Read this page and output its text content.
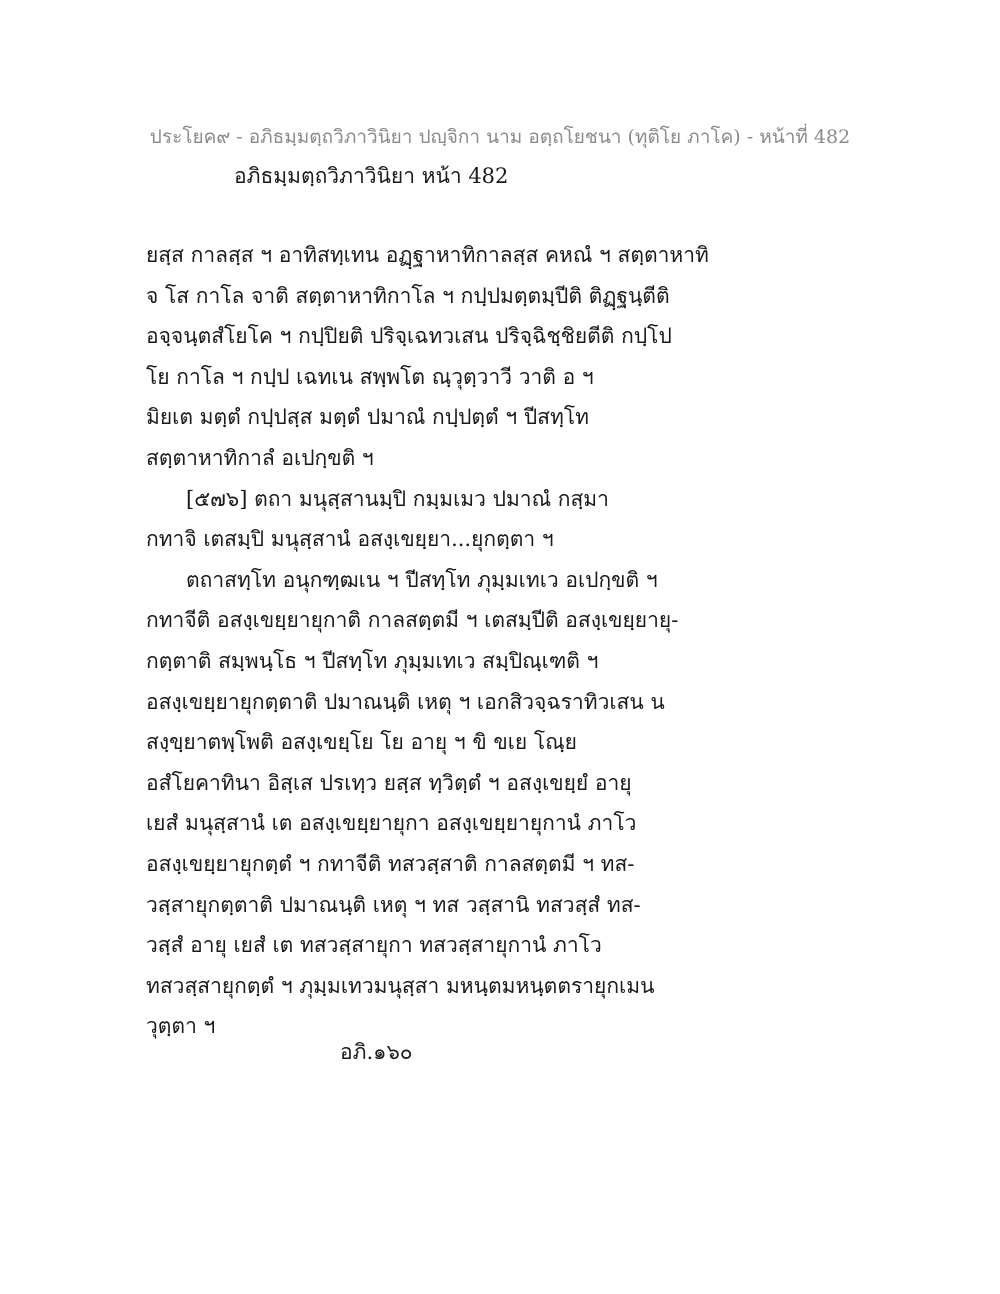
ประโยค๙ - อภิธมฺมตฺถวิภาวินิยา ปญฺจิกา นาม อตฺถโยชนา (ทุติโย ภาโค) - หน้าที่ 482
อภิธมฺมตฺถวิภาวินิยา หน้า 482
ยสฺส กาลสฺส ฯ อาทิสทฺเทน อฏฺฐาหาทิกาลสฺส คหณํ ฯ สตฺตาหาทิ
จ โส กาโล จาติ สตฺตาหาทิกาโล ฯ กปฺปมตฺตมฺปีติ ติฏฺฐนฺตีติ
อจฺจนฺตสํโยโค ฯ กปฺปิยติ ปริจฺเฉทวเสน ปริจฺฉิชฺชิยตีติ กปฺโป
โย กาโล ฯ กปฺป เฉทเน สพฺพโต ณฺวุตฺวาวี วาติ อ ฯ
มิยเต มตฺตํ กปฺปสฺส มตฺตํ ปมาณํ กปฺปตฺตํ ฯ ปีสทฺโท
สตฺตาหาทิกาลํ อเปกฺขติ ฯ
[๕๗๖] ตถา มนุสฺสานมฺปิ กมฺมเมว ปมาณํ กสฺมา
กทาจิ เตสมฺปิ มนุสฺสานํ อสงฺเขยฺยา...ยุกตฺตา ฯ
ตถาสทฺโท อนุกฑฺฒเน ฯ ปีสทฺโท ภุมฺมเทเว อเปกฺขติ ฯ
กทาจีติ อสงฺเขยฺยายุกาติ กาลสตฺตมี ฯ เตสมฺปีติ อสงฺเขยฺยายุ-
กตฺตาติ สมฺพนฺโธ ฯ ปีสทฺโท ภุมฺมเทเว สมฺปิณฺเฑติ ฯ
อสงฺเขยฺยายุกตฺตาติ ปมาณนฺติ เหตุ ฯ เอกสิวจฺฉราทิวเสน น
สงฺขฺยาตพฺโพติ อสงฺเขยฺโย โย อายุ ฯ ขิ ขเย โณฺย
อสํโยคาทินา อิสฺเส ปรเทฺว ยสฺส ทฺวิตฺตํ ฯ อสงฺเขยฺยํ อายุ
เยสํ มนุสฺสานํ เต อสงฺเขยฺยายุกา อสงฺเขยฺยายุกานํ ภาโว
อสงฺเขยฺยายุกตฺตํ ฯ กทาจีติ ทสวสฺสาติ กาลสตฺตมี ฯ ทส-
วสฺสายุกตฺตาติ ปมาณนฺติ เหตุ ฯ ทส วสฺสานิ ทสวสฺสํ ทส-
วสฺสํ อายุ เยสํ เต ทสวสฺสายุกา ทสวสฺสายุกานํ ภาโว
ทสวสฺสายุกตฺตํ ฯ ภุมฺมเทวมนุสฺสา มหนฺตมหนฺตตรายุกเมน
วุตฺตา ฯ
อภิ.๑๖๐
